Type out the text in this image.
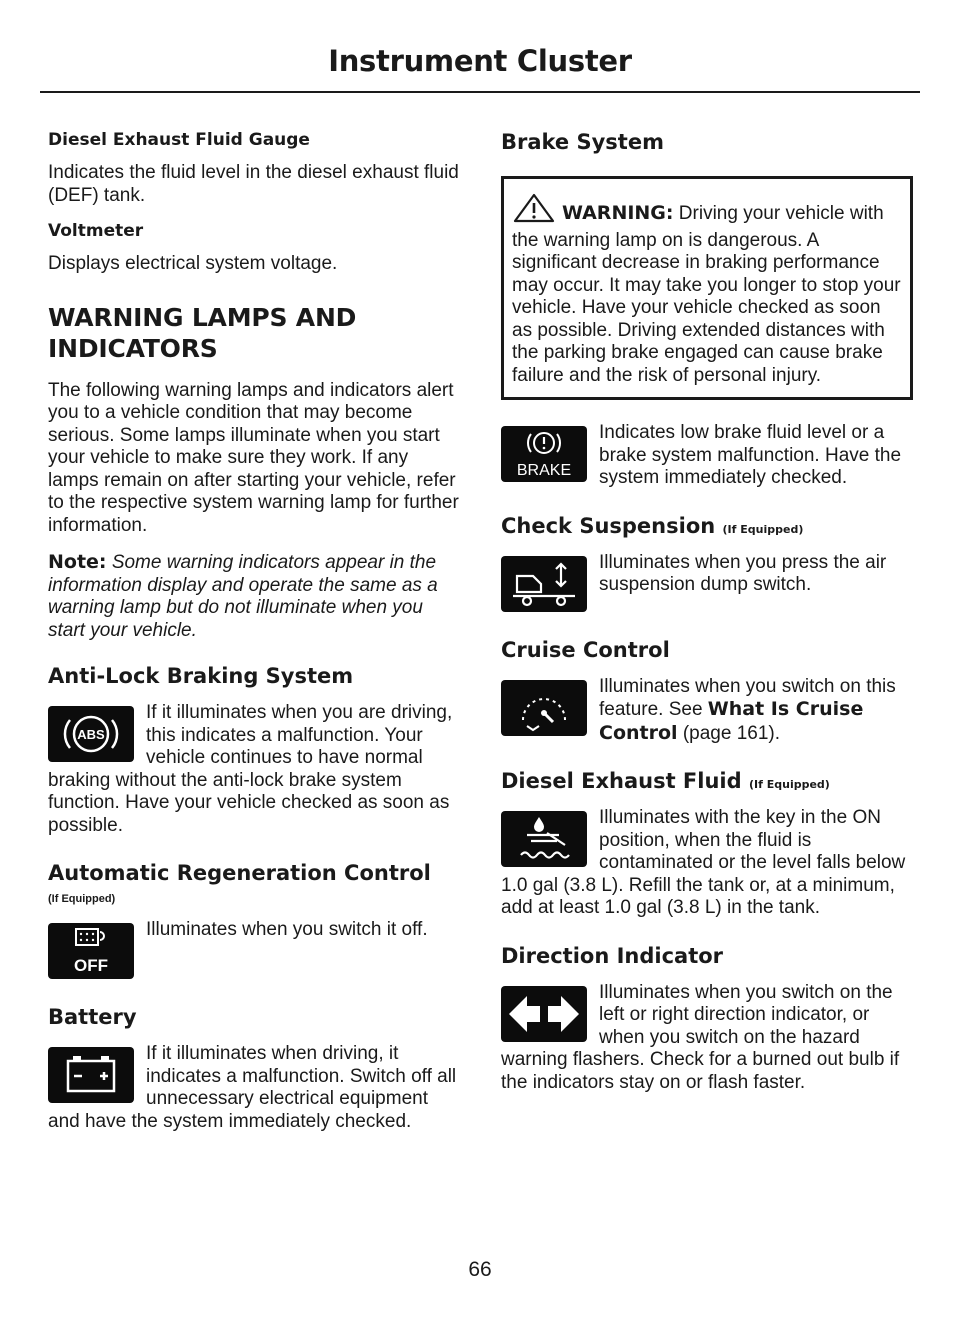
Instrument Cluster
Diesel Exhaust Fluid Gauge

Indicates the fluid level in the diesel exhaust fluid (DEF) tank.

Voltmeter

Displays electrical system voltage.

WARNING LAMPS AND
INDICATORS

The following warning lamps and indicators alert you to a vehicle condition that may become serious. Some lamps illuminate when you start your vehicle to make sure they work. If any lamps remain on after starting your vehicle, refer to the respective system warning lamp for further information.

Note: Some warning indicators appear in the information display and operate the same as a warning lamp but do not illuminate when you start your vehicle.

Anti-Lock Braking System
ABS

If it illuminates when you are driving, this indicates a malfunction. Your vehicle continues to have normal braking without the anti-lock brake system function. Have your vehicle checked as soon as possible.

Automatic Regeneration Control
(If Equipped)
OFF

Illuminates when you switch it off.

Battery

If it illuminates when driving, it indicates a malfunction. Switch off all unnecessary electrical equipment and have the system immediately checked.

Brake System

WARNING: Driving your vehicle with the warning lamp on is dangerous. A significant decrease in braking performance may occur. It may take you longer to stop your vehicle. Have your vehicle checked as soon as possible. Driving extended distances with the parking brake engaged can cause brake failure and the risk of personal injury.

BRAKE

Indicates low brake fluid level or a brake system malfunction. Have the system immediately checked.

Check Suspension (If Equipped)

Illuminates when you press the air suspension dump switch.

Cruise Control

Illuminates when you switch on this feature. See What Is Cruise Control (page 161).

Diesel Exhaust Fluid (If Equipped)

Illuminates with the key in the ON position, when the fluid is contaminated or the level falls below 1.0 gal (3.8 L). Refill the tank or, at a minimum, add at least 1.0 gal (3.8 L) in the tank.

Direction Indicator

Illuminates when you switch on the left or right direction indicator, or when you switch on the hazard warning flashers. Check for a burned out bulb if the indicators stay on or flash faster.

66
